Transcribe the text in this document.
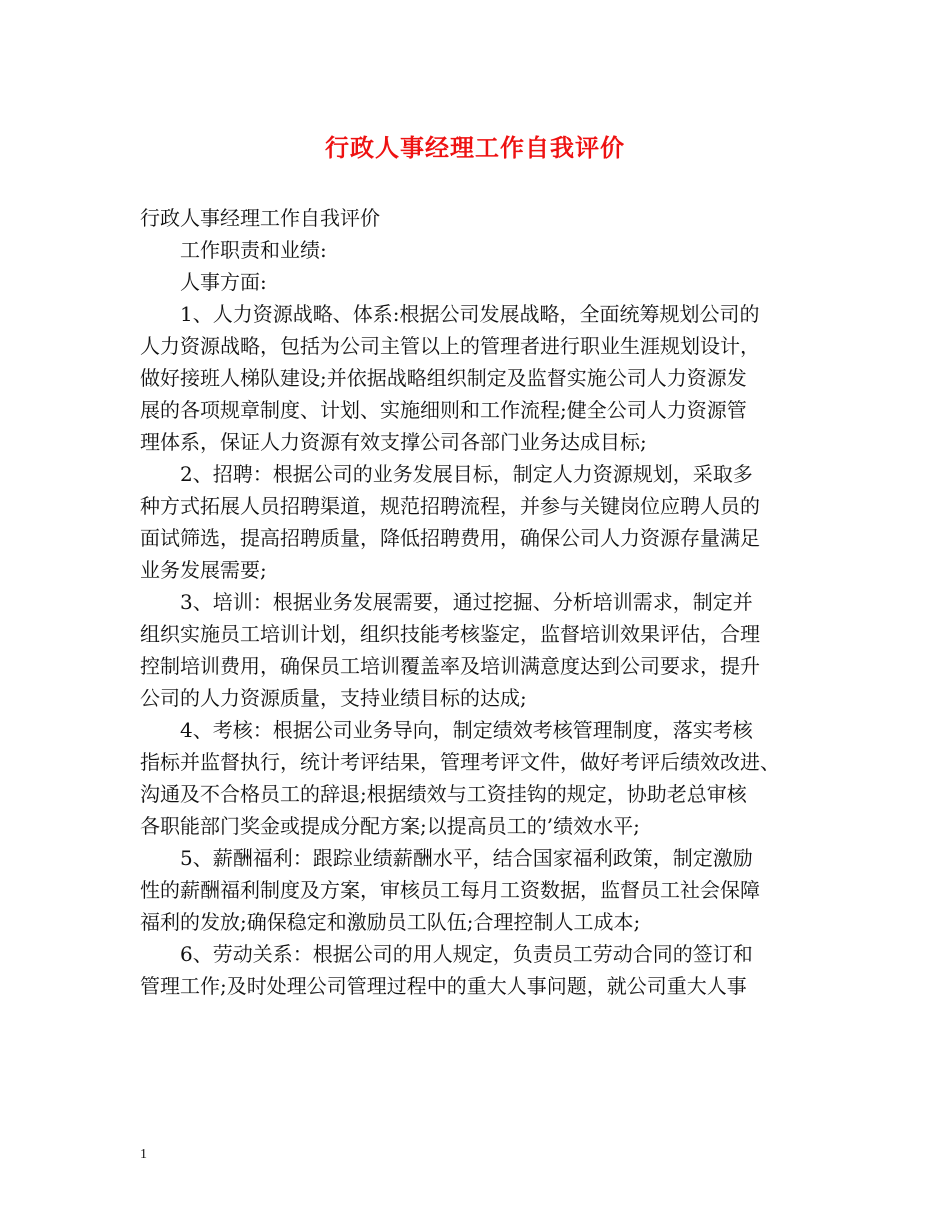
行政人事经理工作自我评价
行政人事经理工作自我评价
工作职责和业绩:
人事方面:
1、人力资源战略、体系:根据公司发展战略，全面统筹规划公司的
人力资源战略，包括为公司主管以上的管理者进行职业生涯规划设计，
做好接班人梯队建设;并依据战略组织制定及监督实施公司人力资源发
展的各项规章制度、计划、实施细则和工作流程;健全公司人力资源管
理体系，保证人力资源有效支撑公司各部门业务达成目标;
2、招聘：根据公司的业务发展目标，制定人力资源规划，采取多
种方式拓展人员招聘渠道，规范招聘流程，并参与关键岗位应聘人员的
面试筛选，提高招聘质量，降低招聘费用，确保公司人力资源存量满足
业务发展需要;
3、培训：根据业务发展需要，通过挖掘、分析培训需求，制定并
组织实施员工培训计划，组织技能考核鉴定，监督培训效果评估，合理
控制培训费用，确保员工培训覆盖率及培训满意度达到公司要求，提升
公司的人力资源质量，支持业绩目标的达成;
4、考核：根据公司业务导向，制定绩效考核管理制度，落实考核
指标并监督执行，统计考评结果，管理考评文件，做好考评后绩效改进、
沟通及不合格员工的辞退;根据绩效与工资挂钩的规定，协助老总审核
各职能部门奖金或提成分配方案;以提高员工的’绩效水平;
5、薪酬福利：跟踪业绩薪酬水平，结合国家福利政策，制定激励
性的薪酬福利制度及方案，审核员工每月工资数据，监督员工社会保障
福利的发放;确保稳定和激励员工队伍;合理控制人工成本;
6、劳动关系：根据公司的用人规定，负责员工劳动合同的签订和
管理工作;及时处理公司管理过程中的重大人事问题，就公司重大人事
1
